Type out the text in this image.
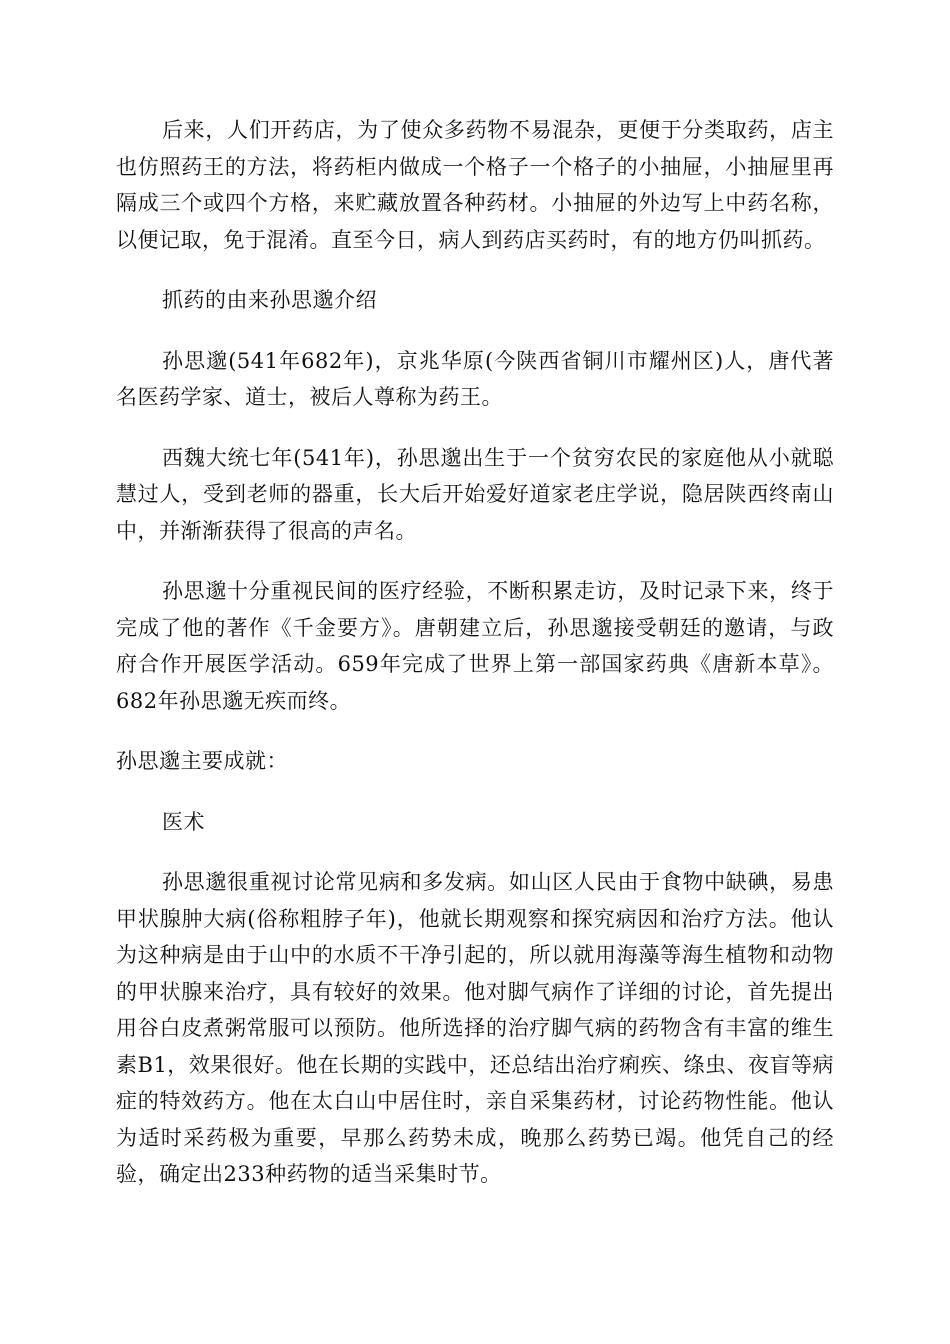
后来，人们开药店，为了使众多药物不易混杂，更便于分类取药，店主也仿照药王的方法，将药柜内做成一个格子一个格子的小抽屉，小抽屉里再隔成三个或四个方格，来贮藏放置各种药材。小抽屉的外边写上中药名称，以便记取，免于混淆。直至今日，病人到药店买药时，有的地方仍叫抓药。

抓药的由来孙思邈介绍

孙思邈(541年682年)，京兆华原(今陕西省铜川市耀州区)人，唐代著名医药学家、道士，被后人尊称为药王。

西魏大统七年(541年)，孙思邈出生于一个贫穷农民的家庭他从小就聪慧过人，受到老师的器重，长大后开始爱好道家老庄学说，隐居陕西终南山中，并渐渐获得了很高的声名。

孙思邈十分重视民间的医疗经验，不断积累走访，及时记录下来，终于完成了他的著作《千金要方》。唐朝建立后，孙思邈接受朝廷的邀请，与政府合作开展医学活动。659年完成了世界上第一部国家药典《唐新本草》。682年孙思邈无疾而终。

孙思邈主要成就：

医术

孙思邈很重视讨论常见病和多发病。如山区人民由于食物中缺碘，易患甲状腺肿大病(俗称粗脖子年)，他就长期观察和探究病因和治疗方法。他认为这种病是由于山中的水质不干净引起的，所以就用海藻等海生植物和动物的甲状腺来治疗，具有较好的效果。他对脚气病作了详细的讨论，首先提出用谷白皮煮粥常服可以预防。他所选择的治疗脚气病的药物含有丰富的维生素B1，效果很好。他在长期的实践中，还总结出治疗痢疾、绦虫、夜盲等病症的特效药方。他在太白山中居住时，亲自采集药材，讨论药物性能。他认为适时采药极为重要，早那么药势未成，晚那么药势已竭。他凭自己的经验，确定出233种药物的适当采集时节。
